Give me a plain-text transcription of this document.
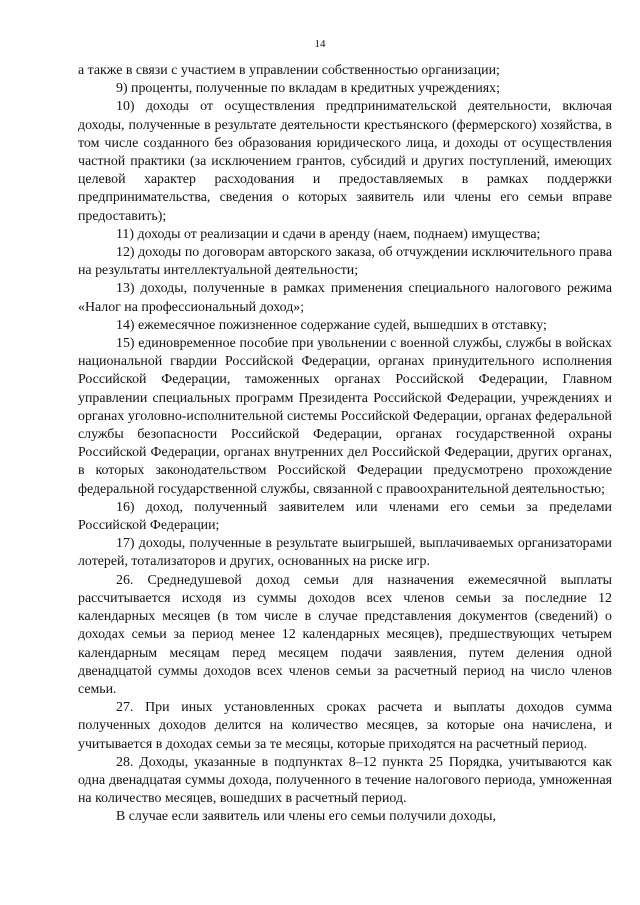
14

а также в связи с участием в управлении собственностью организации;

9) проценты, полученные по вкладам в кредитных учреждениях;

10) доходы от осуществления предпринимательской деятельности, включая доходы, полученные в результате деятельности крестьянского (фермерского) хозяйства, в том числе созданного без образования юридического лица, и доходы от осуществления частной практики (за исключением грантов, субсидий и других поступлений, имеющих целевой характер расходования и предоставляемых в рамках поддержки предпринимательства, сведения о которых заявитель или члены его семьи вправе предоставить);

11) доходы от реализации и сдачи в аренду (наем, поднаем) имущества;

12) доходы по договорам авторского заказа, об отчуждении исключительного права на результаты интеллектуальной деятельности;

13) доходы, полученные в рамках применения специального налогового режима «Налог на профессиональный доход»;

14) ежемесячное пожизненное содержание судей, вышедших в отставку;

15) единовременное пособие при увольнении с военной службы, службы в войсках национальной гвардии Российской Федерации, органах принудительного исполнения Российской Федерации, таможенных органах Российской Федерации, Главном управлении специальных программ Президента Российской Федерации, учреждениях и органах уголовно-исполнительной системы Российской Федерации, органах федеральной службы безопасности Российской Федерации, органах государственной охраны Российской Федерации, органах внутренних дел Российской Федерации, других органах, в которых законодательством Российской Федерации предусмотрено прохождение федеральной государственной службы, связанной с правоохранительной деятельностью;

16) доход, полученный заявителем или членами его семьи за пределами Российской Федерации;

17) доходы, полученные в результате выигрышей, выплачиваемых организаторами лотерей, тотализаторов и других, основанных на риске игр.

26. Среднедушевой доход семьи для назначения ежемесячной выплаты рассчитывается исходя из суммы доходов всех членов семьи за последние 12 календарных месяцев (в том числе в случае представления документов (сведений) о доходах семьи за период менее 12 календарных месяцев), предшествующих четырем календарным месяцам перед месяцем подачи заявления, путем деления одной двенадцатой суммы доходов всех членов семьи за расчетный период на число членов семьи.

27. При иных установленных сроках расчета и выплаты доходов сумма полученных доходов делится на количество месяцев, за которые она начислена, и учитывается в доходах семьи за те месяцы, которые приходятся на расчетный период.

28. Доходы, указанные в подпунктах 8–12 пункта 25 Порядка, учитываются как одна двенадцатая суммы дохода, полученного в течение налогового периода, умноженная на количество месяцев, вошедших в расчетный период.

В случае если заявитель или члены его семьи получили доходы,
